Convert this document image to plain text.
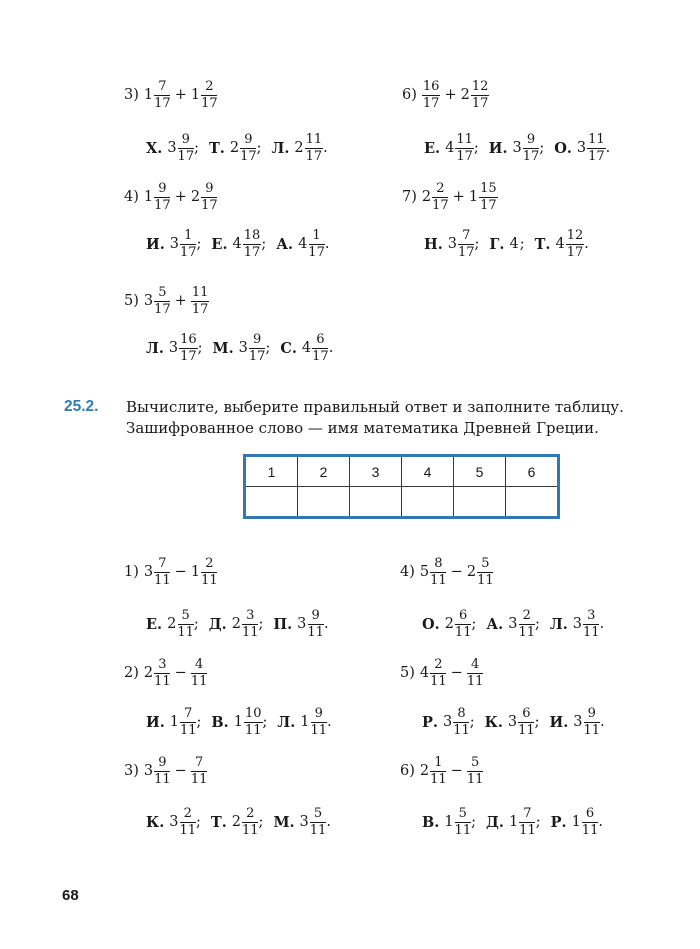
3) $1 \frac{7}{17} + 1 \frac{2}{17}$
Х. $3 \frac{9}{17}$ ; Т. $2 \frac{9}{17}$ ; Л. $2 \frac{11}{17}$ .
$6) \frac{16}{17} + 2 \frac{12}{17}$
Е. $4 \frac{11}{17}$ ; И. $3 \frac{9}{17}$ ; О. $3 \frac{11}{17}$ .
4) $1 \frac{9}{17} + 2 \frac{9}{17}$
И. $3 \frac{1}{17}$ ; Е. $4 \frac{18}{17}$ ; А. $4 \frac{1}{17}$ .
7) $2 \frac{2}{17} + 1 \frac{15}{17}$
Н. $3 \frac{7}{17}$ ; Г. 4 ; Т. $4 \frac{12}{17}$ .
5) $3 \frac{5}{17} + \frac{11}{17}$
Л. $3 \frac{16}{17}$ ; М. $3 \frac{9}{17}$ ; С. $4 \frac{6}{17}$ .
25.2. Вычислите, выберите правильный ответ и заполните таблицу. Зашифрованное слово — имя математика Древней Греции.
1	2	3	4	5	6

1) $3 \frac{7}{11} - 1 \frac{2}{11}$
Е. $2 \frac{5}{11}$ ; Д. $2 \frac{3}{11}$ ; П. $3 \frac{9}{11}$ .
4) $5 \frac{8}{11} - 2 \frac{5}{11}$
О. $2 \frac{6}{11}$ ; А. $3 \frac{2}{11}$ ; Л. $3 \frac{3}{11}$ .
2) $2 \frac{3}{11} - \frac{4}{11}$
И. $1 \frac{7}{11}$ ; В. $1 \frac{10}{11}$ ; Л. $1 \frac{9}{11}$ .
5) $4 \frac{2}{11} - \frac{4}{11}$
Р. $3 \frac{8}{11}$ ; К. $3 \frac{6}{11}$ ; И. $3 \frac{9}{11}$ .
3) $3 \frac{9}{11} - \frac{7}{11}$
К. $3 \frac{2}{11}$ ; Т. $2 \frac{2}{11}$ ; М. $3 \frac{5}{11}$ .
6) $2 \frac{1}{11} - \frac{5}{11}$
В. $1 \frac{5}{11}$ ; Д. $1 \frac{7}{11}$ ; Р. $1 \frac{6}{11}$ .
68
